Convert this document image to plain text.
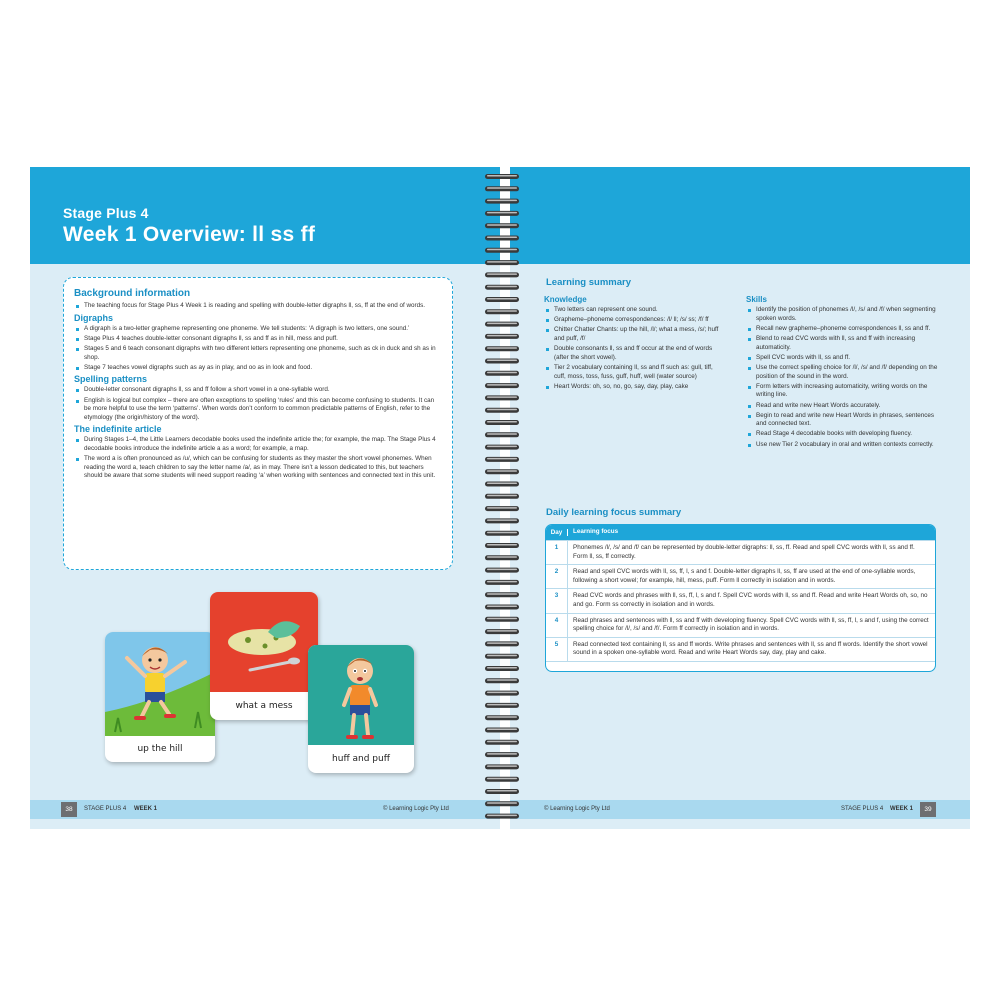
Stage Plus 4
Week 1 Overview: ll ss ff
Background information
The teaching focus for Stage Plus 4 Week 1 is reading and spelling with double-letter digraphs ll, ss, ff at the end of words.
Digraphs
A digraph is a two-letter grapheme representing one phoneme. We tell students: ‘A digraph is two letters, one sound.’
Stage Plus 4 teaches double-letter consonant digraphs ll, ss and ff as in hill, mess and puff.
Stages 5 and 6 teach consonant digraphs with two different letters representing one phoneme, such as ck in duck and sh as in shop.
Stage 7 teaches vowel digraphs such as ay as in play, and oo as in look and food.
Spelling patterns
Double-letter consonant digraphs ll, ss and ff follow a short vowel in a one-syllable word.
English is logical but complex – there are often exceptions to spelling ‘rules’ and this can become confusing to students. It can be more helpful to use the term ‘patterns’. When words don’t conform to common predictable patterns of English, refer to the etymology (the origin/history of the word).
The indefinite article
During Stages 1–4, the Little Learners decodable books used the indefinite article the; for example, the map. The Stage Plus 4 decodable books introduce the indefinite article a as a word; for example, a map.
The word a is often pronounced as /u/, which can be confusing for students as they master the short vowel phonemes. When reading the word a, teach children to say the letter name /a/, as in may. There isn’t a lesson dedicated to this, but teachers should be aware that some students will need support reading ‘a’ when working with sentences and connected text in this unit.
up the hill
what a mess
huff and puff
38	STAGE PLUS 4 WEEK 1	© Learning Logic Pty Ltd
Learning summary
Knowledge
Two letters can represent one sound.
Grapheme–phoneme correspondences: /l/ ll; /s/ ss; /f/ ff
Chitter Chatter Chants: up the hill, /l/; what a mess, /s/; huff and puff, /f/
Double consonants ll, ss and ff occur at the end of words (after the short vowel).
Tier 2 vocabulary containing ll, ss and ff such as: gull, tiff, cuff, moss, toss, fuss, guff, huff, well (water source)
Heart Words: oh, so, no, go, say, day, play, cake
Skills
Identify the position of phonemes /l/, /s/ and /f/ when segmenting spoken words.
Recall new grapheme–phoneme correspondences ll, ss and ff.
Blend to read CVC words with ll, ss and ff with increasing automaticity.
Spell CVC words with ll, ss and ff.
Use the correct spelling choice for /l/, /s/ and /f/ depending on the position of the sound in the word.
Form letters with increasing automaticity, writing words on the writing line.
Read and write new Heart Words accurately.
Begin to read and write new Heart Words in phrases, sentences and connected text.
Read Stage 4 decodable books with developing fluency.
Use new Tier 2 vocabulary in oral and written contexts correctly.
Daily learning focus summary
Day	Learning focus
1	Phonemes /l/, /s/ and /f/ can be represented by double-letter digraphs: ll, ss, ff. Read and spell CVC words with ll, ss and ff. Form ll, ss, ff correctly.
2	Read and spell CVC words with ll, ss, ff, l, s and f. Double-letter digraphs ll, ss, ff are used at the end of one-syllable words, following a short vowel; for example, hill, mess, puff. Form ll correctly in isolation and in words.
3	Read CVC words and phrases with ll, ss, ff, l, s and f. Spell CVC words with ll, ss and ff. Read and write Heart Words oh, so, no and go. Form ss correctly in isolation and in words.
4	Read phrases and sentences with ll, ss and ff with developing fluency. Spell CVC words with ll, ss, ff, l, s and f, using the correct spelling choice for /l/, /s/ and /f/. Form ff correctly in isolation and in words.
5	Read connected text containing ll, ss and ff words. Write phrases and sentences with ll, ss and ff words. Identify the short vowel sound in a spoken one-syllable word. Read and write Heart Words say, day, play and cake.
© Learning Logic Pty Ltd	STAGE PLUS 4 WEEK 1	39
